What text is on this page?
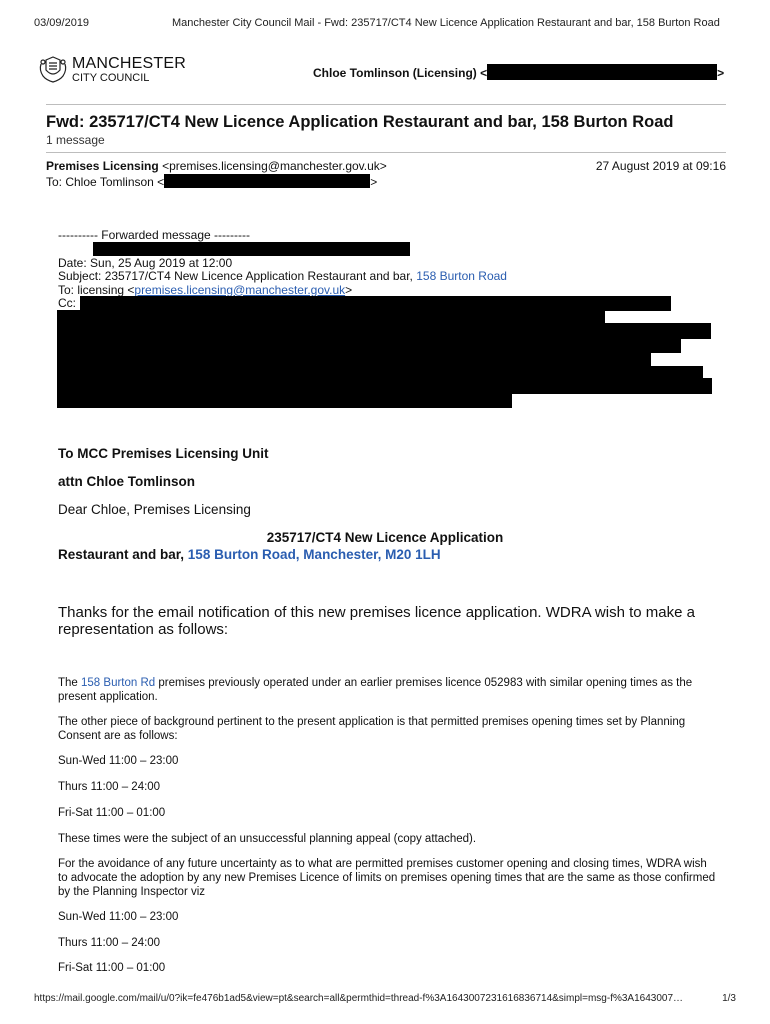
03/09/2019	Manchester City Council Mail - Fwd: 235717/CT4 New Licence Application Restaurant and bar, 158 Burton Road
MANCHESTER
CITY COUNCIL	Chloe Tomlinson (Licensing) <	>
Fwd: 235717/CT4 New Licence Application Restaurant and bar, 158 Burton Road
1 message
Premises Licensing <premises.licensing@manchester.gov.uk>	27 August 2019 at 09:16
To: Chloe Tomlinson <	>
---------- Forwarded message ---------
Date: Sun, 25 Aug 2019 at 12:00
Subject: 235717/CT4 New Licence Application Restaurant and bar, 158 Burton Road
To: licensing <premises.licensing@manchester.gov.uk>
Cc:
To MCC Premises Licensing Unit
attn Chloe Tomlinson
Dear Chloe, Premises Licensing
235717/CT4 New Licence Application
Restaurant and bar, 158 Burton Road, Manchester, M20 1LH
Thanks for the email notification of this new premises licence application. WDRA wish to make a representation as follows:
The 158 Burton Rd premises previously operated under an earlier premises licence 052983 with similar opening times as the present application.
The other piece of background pertinent to the present application is that permitted premises opening times set by Planning Consent are as follows:
Sun-Wed 11:00 – 23:00
Thurs 11:00 – 24:00
Fri-Sat 11:00 – 01:00
These times were the subject of an unsuccessful planning appeal (copy attached).
For the avoidance of any future uncertainty as to what are permitted premises customer opening and closing times, WDRA wish to advocate the adoption by any new Premises Licence of limits on premises opening times that are the same as those confirmed by the Planning Inspector viz
Sun-Wed 11:00 – 23:00
Thurs 11:00 – 24:00
Fri-Sat 11:00 – 01:00
https://mail.google.com/mail/u/0?ik=fe476b1ad5&view=pt&search=all&permthid=thread-f%3A1643007231616836714&simpl=msg-f%3A1643007…	1/3
